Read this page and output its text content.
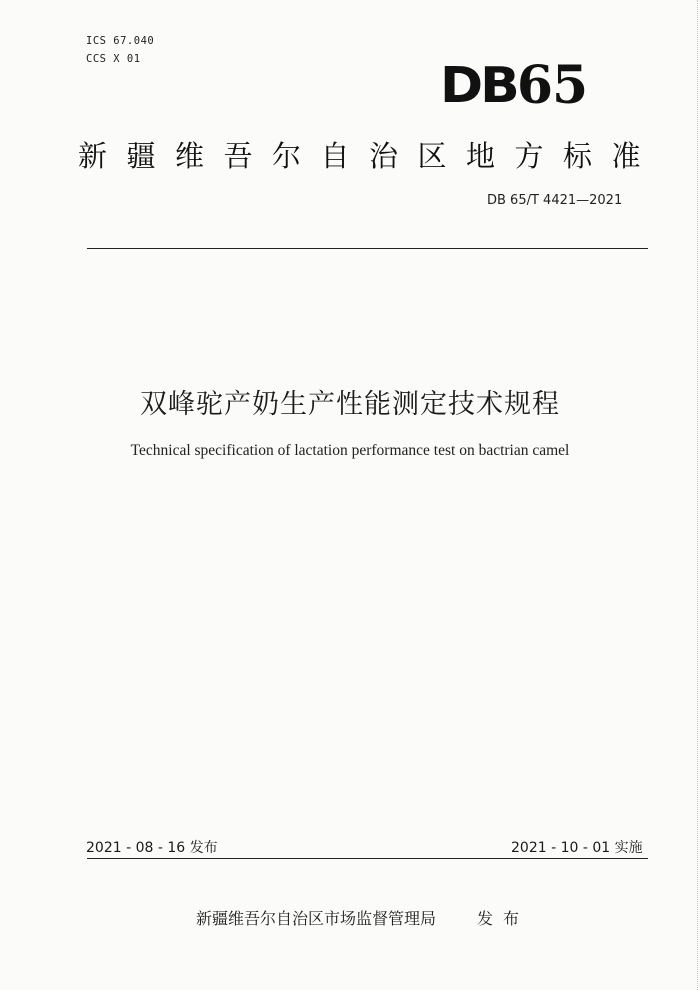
ICS 67.040
CCS X 01	DB65
新疆维吾尔自治区地方标准
DB 65/T 4421—2021
双峰驼产奶生产性能测定技术规程
Technical specification of lactation performance test on bactrian camel
2021 - 08 - 16 发布	2021 - 10 - 01 实施
新疆维吾尔自治区市场监督管理局	发布
